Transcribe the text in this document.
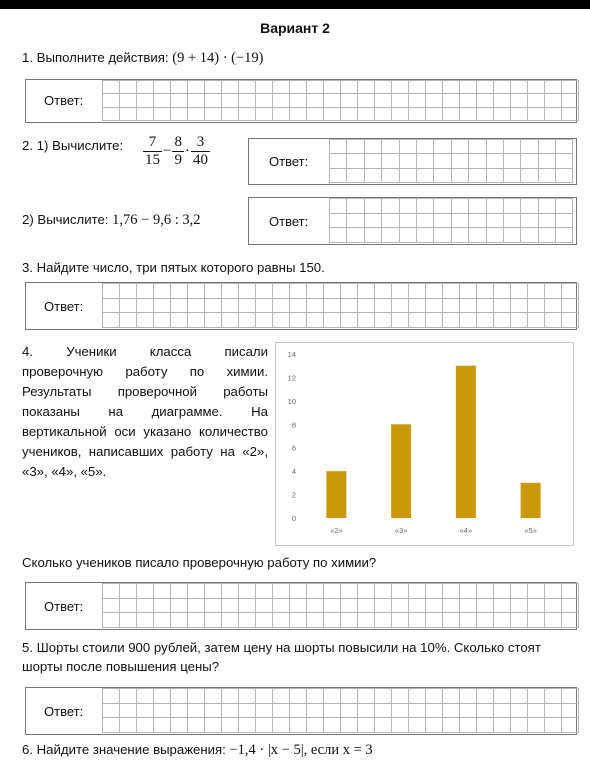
Вариант 2
1. Выполните действия: (9 + 14) · (−19)
Ответ:
2. 1) Вычислите: $\frac{7}{15} - \frac{8}{9} \cdot \frac{3}{40}$	Ответ:
2) Вычислите: 1,76 − 9,6 : 3,2	Ответ:
3. Найдите число, три пятых которого равны 150.
Ответ:
4. Ученики класса писали
проверочную работу по химии.
Результаты проверочной работы
показаны на диаграмме. На
вертикальной оси указано количество
учеников, написавших работу на «2»,
«3», «4», «5».
0
2
4
6
8
10
12
14
«2»	«3»	«4»	«5»
Сколько учеников писало проверочную работу по химии?
Ответ:
5. Шорты стоили 900 рублей, затем цену на шорты повысили на 10%. Сколько стоят
шорты после повышения цены?
Ответ:
6. Найдите значение выражения: −1,4 · |x − 5|, если x = 3
